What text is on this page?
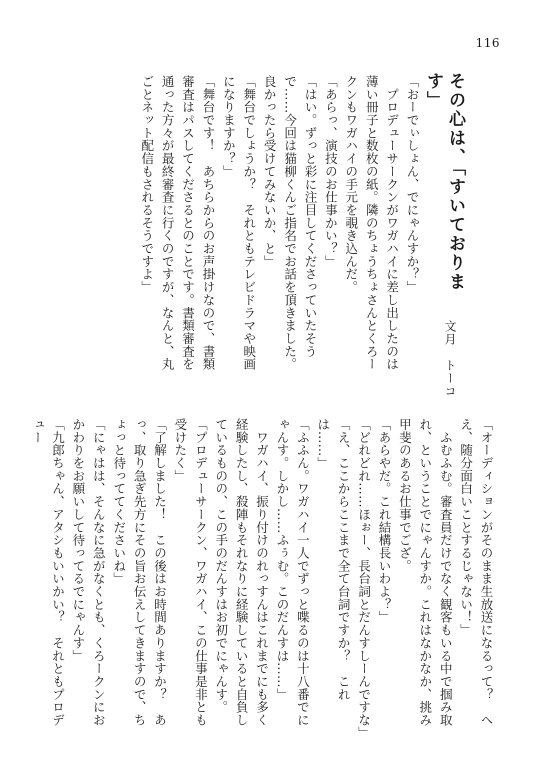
116
その心は、「すいております」
文月　トーコ

「おーでぃしょん、でにゃんすか？」

　プロデューサークンがワガハイに差し出したのは薄い冊子と数枚の紙。隣のちょうちょさんとくろークンもワガハイの手元を覗き込んだ。

「あらっ、演技のお仕事かい？」

「はい。ずっと彩に注目してくださっていたそうで……今回は猫柳くんご指名でお話を頂きました。良かったら受けてみないか、と」

「舞台でしょうか？　それともテレビドラマや映画になりますか？」

「舞台です！　あちらからのお声掛けなので、書類審査はパスしてくださるとのことです。書類審査を通った方々が最終審査に行くのですが、なんと、丸ごとネット配信もされるそうですよ」

「オーディションがそのまま生放送になるって？　へえ、随分面白いことするじゃない！」

　ふむふむ。審査員だけでなく観客もいる中で掴み取れ、ということでにゃんすか。これはなかなか、挑み甲斐のあるお仕事でござ。

「あらやだ。これ結構長いわよ？」

「どれどれ……ほぉー、長台詞とだんすしーんですな」

「え、ここからここまで全て台詞ですか？　これは……」

「ふふん。ワガハイ一人でずっと喋るのは十八番でにゃんす。しかし……ふぅむ。このだんすは……」

　ワガハイ、振り付けのれっすんはこれまでにも多く経験したし、殺陣もそれなりに経験していると自負しているものの、この手のだんすはお初でにゃんす。

「プロデューサークン、ワガハイ、この仕事是非とも受けたく」

「了解しました！　この後はお時間ありますか？　あっ、取り急ぎ先方にその旨お伝えしてきますので、ちょっと待っててくださいね」

「にゃはは、そんなに急がなくとも、くろークンにおかわりをお願いして待ってるでにゃんす」

「九郎ちゃん、アタシもいいかい？　それともプロデュー
